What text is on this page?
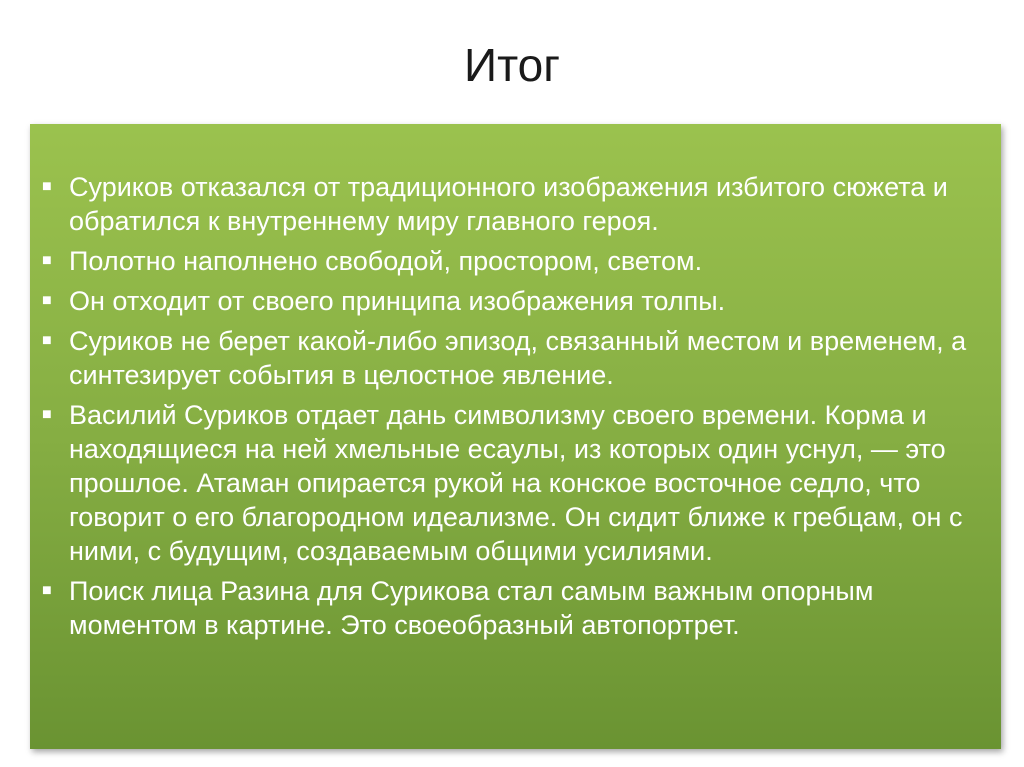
Итог
■ Суриков отказался от традиционного изображения избитого сюжета и обратился к внутреннему миру главного героя.
■ Полотно наполнено свободой, простором, светом.
■ Он отходит от своего принципа изображения толпы.
■ Суриков не берет какой-либо эпизод, связанный местом и временем, а синтезирует события в целостное явление.
■ Василий Суриков отдает дань символизму своего времени. Корма и находящиеся на ней хмельные есаулы, из которых один уснул, — это прошлое. Атаман опирается рукой на конское восточное седло, что говорит о его благородном идеализме. Он сидит ближе к гребцам, он с ними, с будущим, создаваемым общими усилиями.
■ Поиск лица Разина для Сурикова стал самым важным опорным моментом в картине. Это своеобразный автопортрет.
